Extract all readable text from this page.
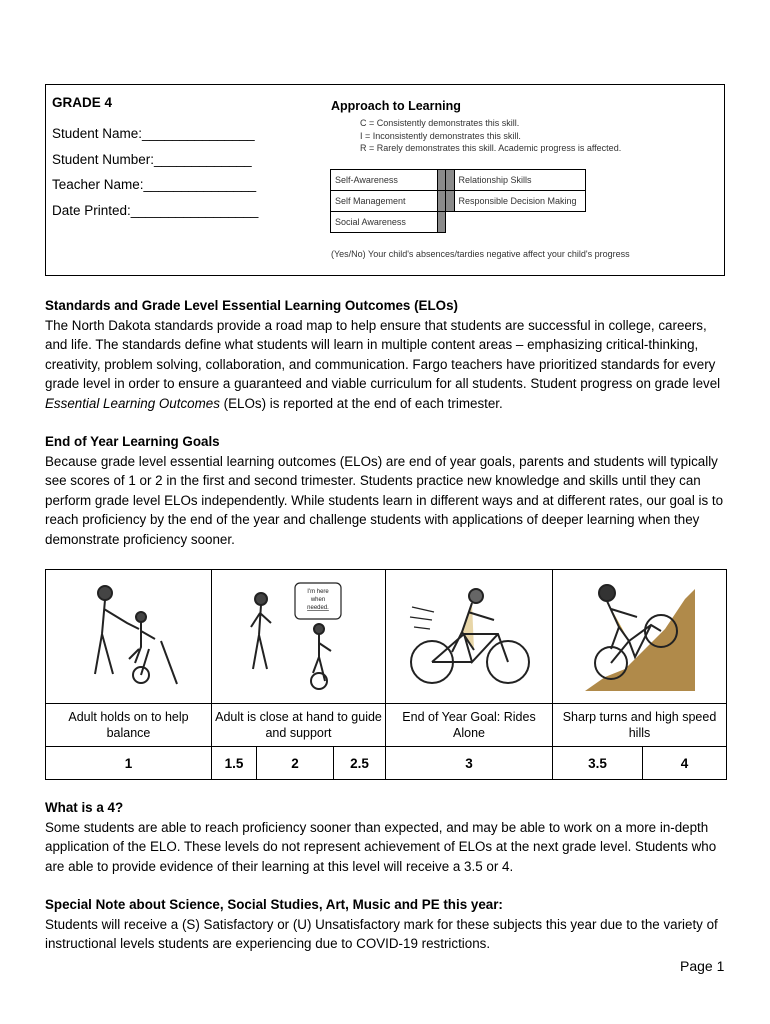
GRADE 4
Student Name:_______________
Student Number:_____________
Teacher Name:_______________
Date Printed:_________________
Approach to Learning
C = Consistently demonstrates this skill.
I = Inconsistently demonstrates this skill.
R = Rarely demonstrates this skill. Academic progress is affected.
Self-Awareness			Relationship Skills
Self Management			Responsible Decision Making
Social Awareness			
(Yes/No) Your child's absences/tardies negative affect your child's progress
Standards and Grade Level Essential Learning Outcomes (ELOs)
The North Dakota standards provide a road map to help ensure that students are successful in college, careers, and life. The standards define what students will learn in multiple content areas – emphasizing critical-thinking, creativity, problem solving, collaboration, and communication. Fargo teachers have prioritized standards for every grade level in order to ensure a guaranteed and viable curriculum for all students. Student progress on grade level Essential Learning Outcomes (ELOs) is reported at the end of each trimester.
End of Year Learning Goals
Because grade level essential learning outcomes (ELOs) are end of year goals, parents and students will typically see scores of 1 or 2 in the first and second trimester. Students practice new knowledge and skills until they can perform grade level ELOs independently. While students learn in different ways and at different rates, our goal is to reach proficiency by the end of the year and challenge students with applications of deeper learning when they demonstrate proficiency sooner.

I'm here
when
needed.

Adult holds on to help balance	Adult is close at hand to guide and support			End of Year Goal: Rides Alone	Sharp turns and high speed hills	
1	1.5	2	2.5	3	3.5	4
What is a 4?
Some students are able to reach proficiency sooner than expected, and may be able to work on a more in-depth application of the ELO. These levels do not represent achievement of ELOs at the next grade level. Students who are able to provide evidence of their learning at this level will receive a 3.5 or 4.
Special Note about Science, Social Studies, Art, Music and PE this year:
Students will receive a (S) Satisfactory or (U) Unsatisfactory mark for these subjects this year due to the variety of instructional levels students are experiencing due to COVID-19 restrictions.
Page 1
